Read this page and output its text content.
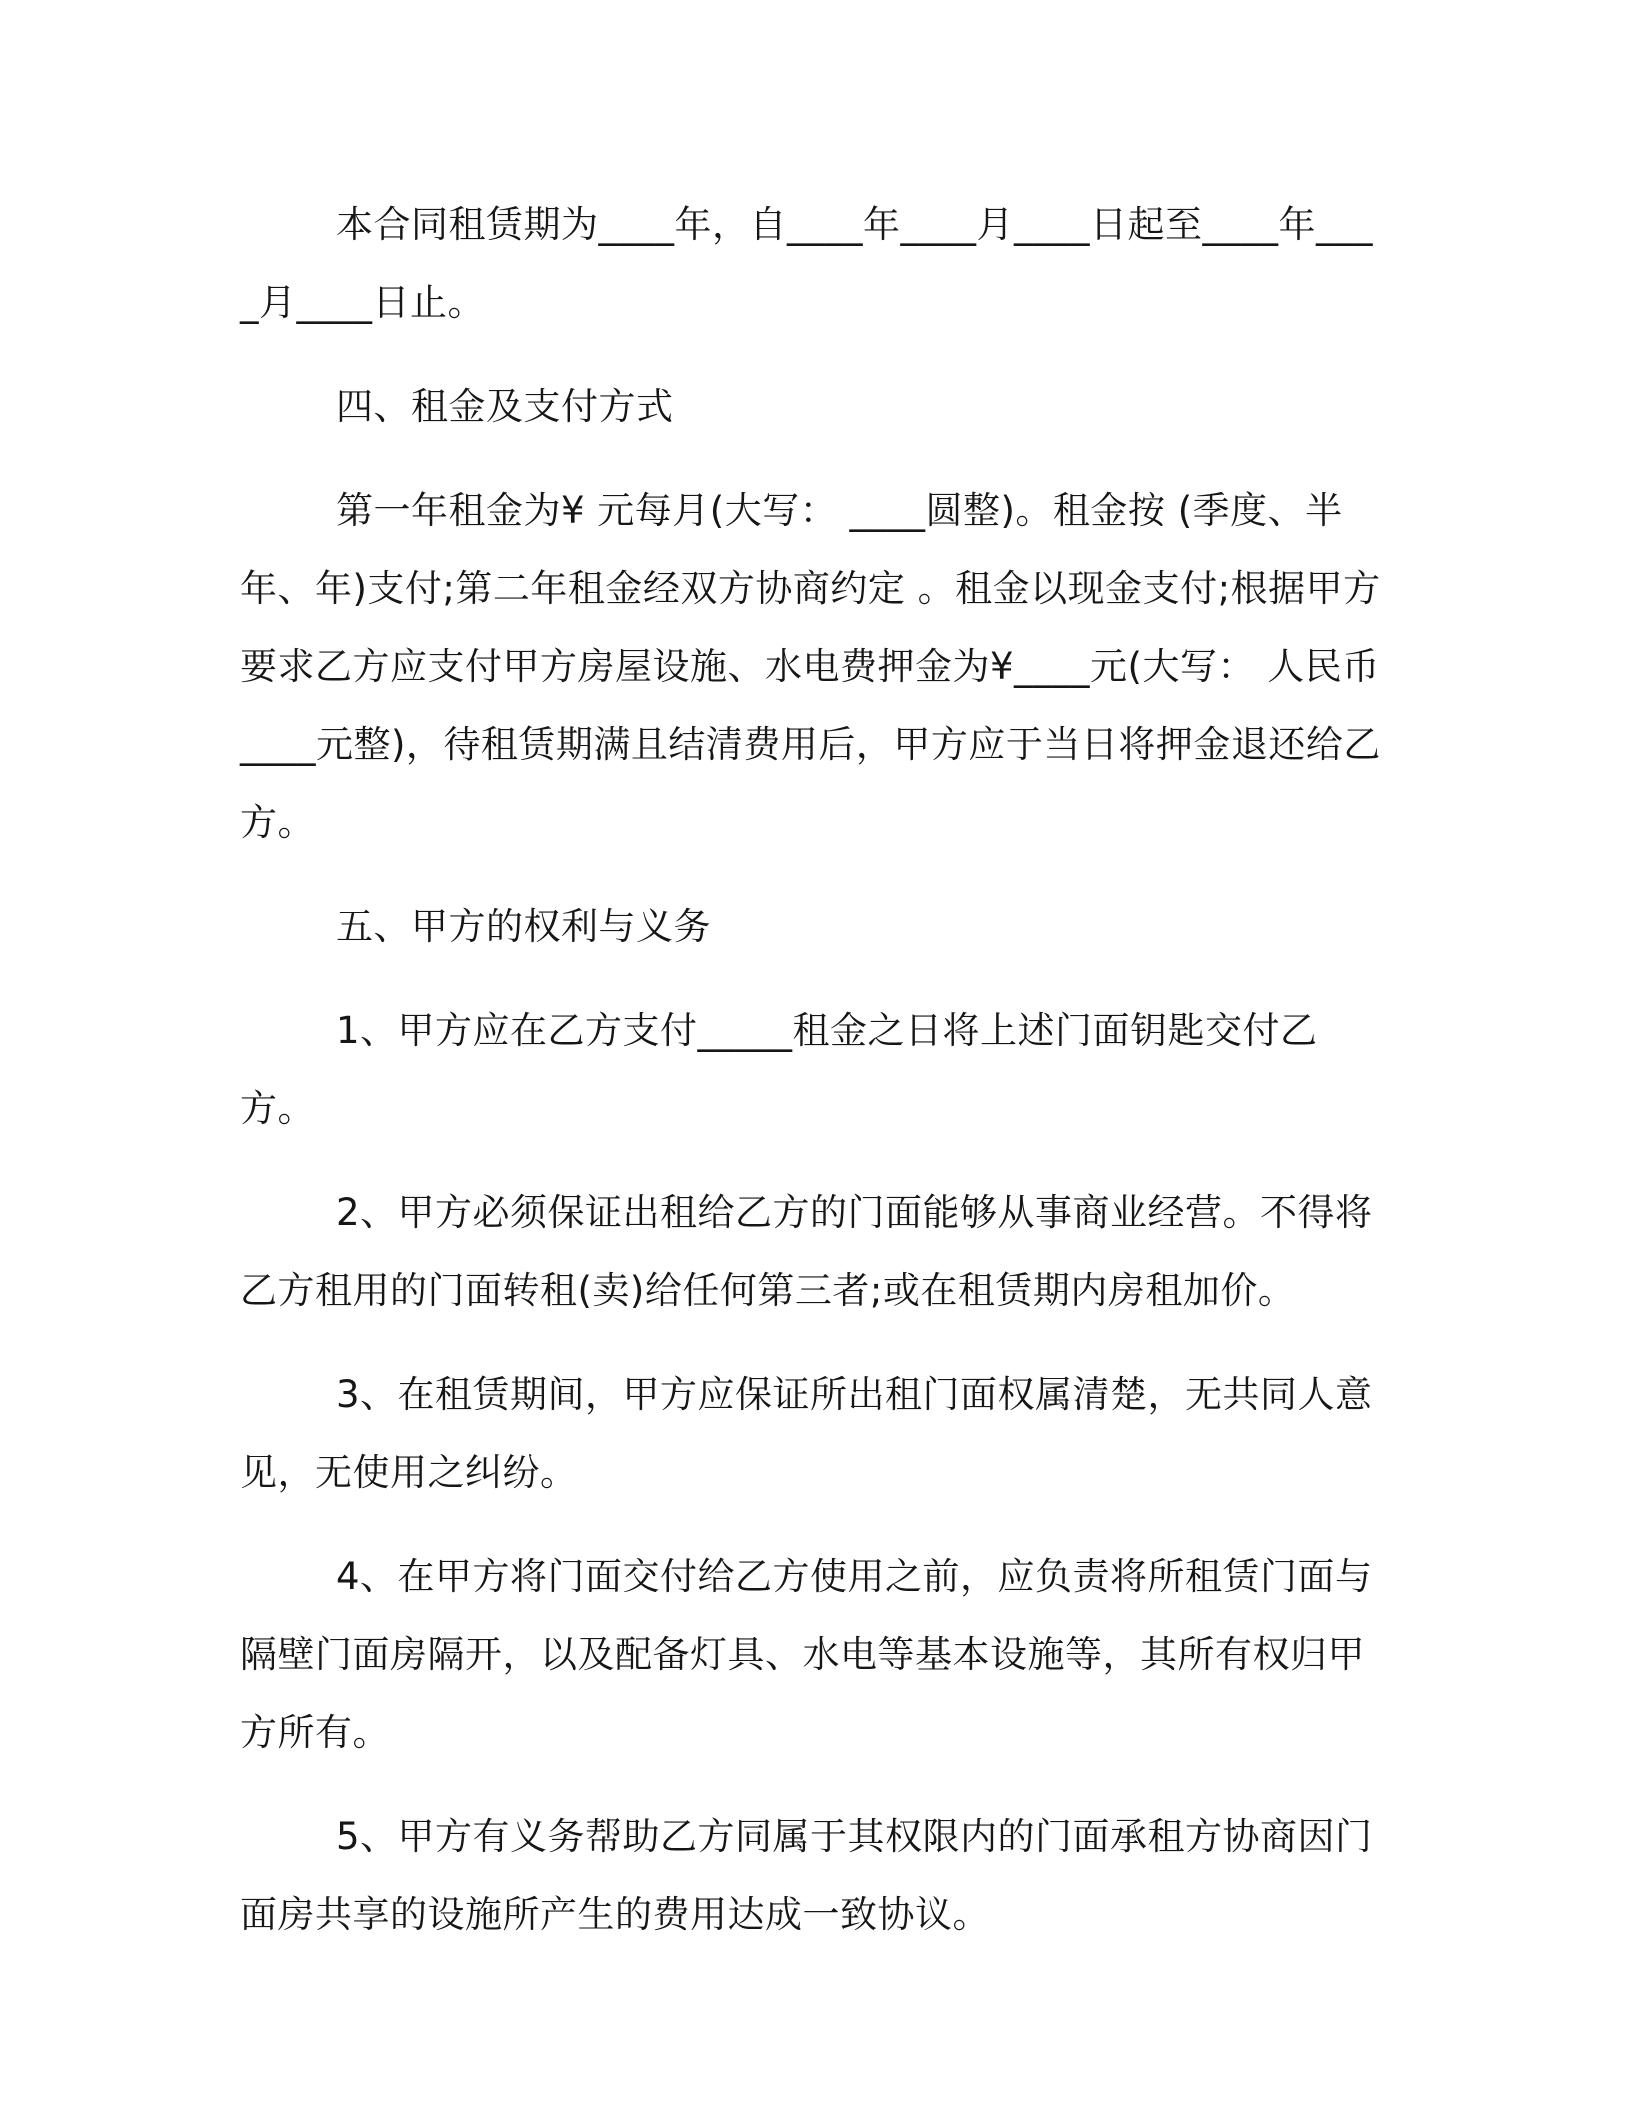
本合同租赁期为____年，自____年____月____日起至____年____月____日止。

四、租金及支付方式

第一年租金为¥ 元每月(大写： ____圆整)。租金按 (季度、半年、年)支付;第二年租金经双方协商约定 。租金以现金支付;根据甲方要求乙方应支付甲方房屋设施、水电费押金为¥____元(大写： 人民币____元整)，待租赁期满且结清费用后，甲方应于当日将押金退还给乙方。

五、甲方的权利与义务

1、甲方应在乙方支付_____租金之日将上述门面钥匙交付乙方。

2、甲方必须保证出租给乙方的门面能够从事商业经营。不得将乙方租用的门面转租(卖)给任何第三者;或在租赁期内房租加价。

3、在租赁期间，甲方应保证所出租门面权属清楚，无共同人意见，无使用之纠纷。

4、在甲方将门面交付给乙方使用之前，应负责将所租赁门面与隔壁门面房隔开，以及配备灯具、水电等基本设施等，其所有权归甲方所有。

5、甲方有义务帮助乙方同属于其权限内的门面承租方协商因门面房共享的设施所产生的费用达成一致协议。
